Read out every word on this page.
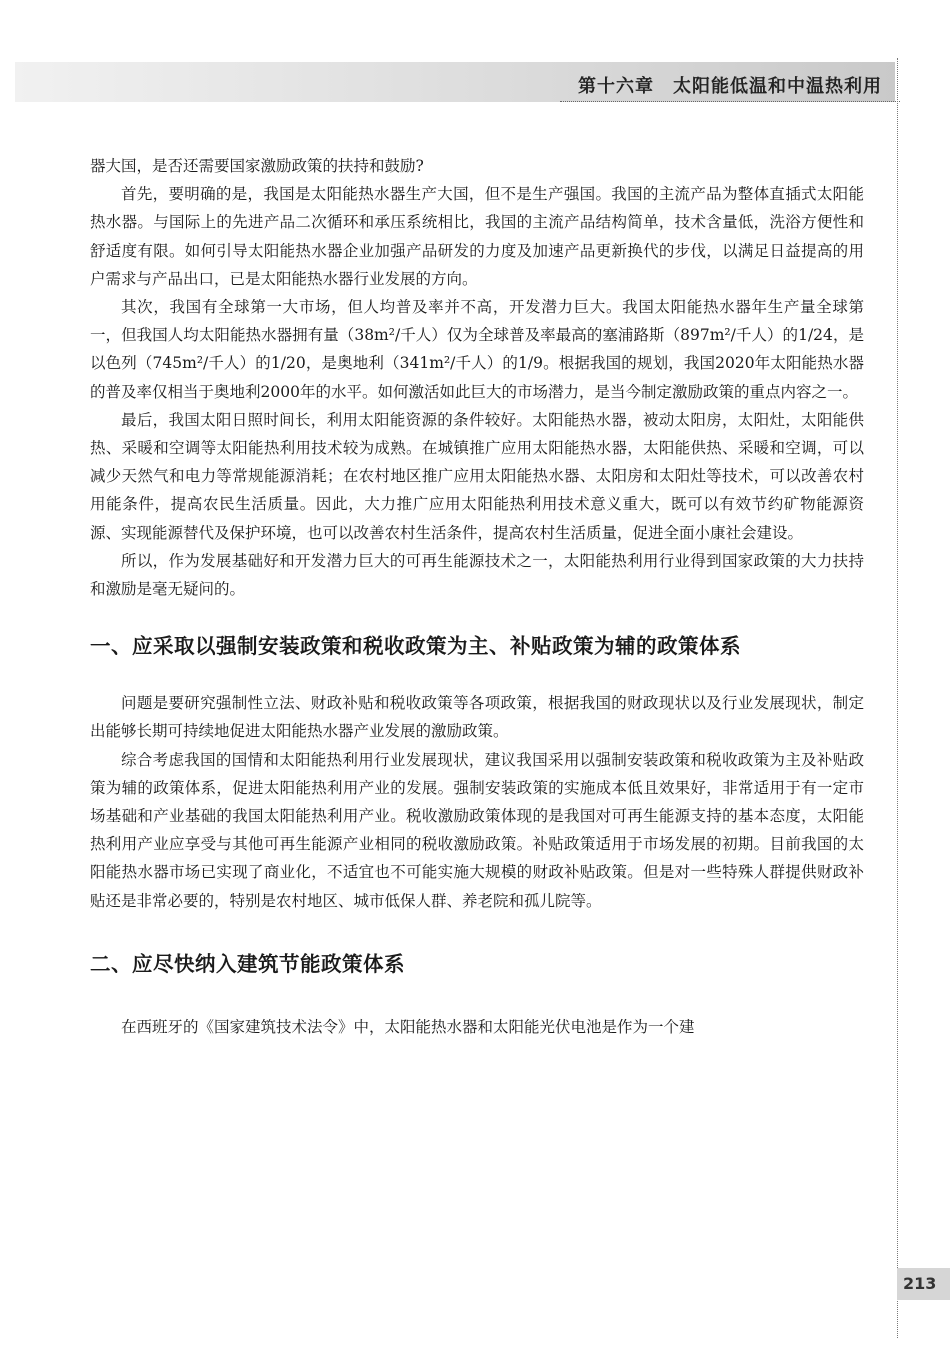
第十六章　太阳能低温和中温热利用
213

器大国，是否还需要国家激励政策的扶持和鼓励?

首先，要明确的是，我国是太阳能热水器生产大国，但不是生产强国。我国的主流产品为整体直插式太阳能热水器。与国际上的先进产品二次循环和承压系统相比，我国的主流产品结构简单，技术含量低，洗浴方便性和舒适度有限。如何引导太阳能热水器企业加强产品研发的力度及加速产品更新换代的步伐，以满足日益提高的用户需求与产品出口，已是太阳能热水器行业发展的方向。

其次，我国有全球第一大市场，但人均普及率并不高，开发潜力巨大。我国太阳能热水器年生产量全球第一，但我国人均太阳能热水器拥有量（38m²/千人）仅为全球普及率最高的塞浦路斯（897m²/千人）的1/24，是以色列（745m²/千人）的1/20，是奥地利（341m²/千人）的1/9。根据我国的规划，我国2020年太阳能热水器的普及率仅相当于奥地利2000年的水平。如何激活如此巨大的市场潜力，是当今制定激励政策的重点内容之一。

最后，我国太阳日照时间长，利用太阳能资源的条件较好。太阳能热水器，被动太阳房，太阳灶，太阳能供热、采暖和空调等太阳能热利用技术较为成熟。在城镇推广应用太阳能热水器，太阳能供热、采暖和空调，可以减少天然气和电力等常规能源消耗；在农村地区推广应用太阳能热水器、太阳房和太阳灶等技术，可以改善农村用能条件，提高农民生活质量。因此，大力推广应用太阳能热利用技术意义重大，既可以有效节约矿物能源资源、实现能源替代及保护环境，也可以改善农村生活条件，提高农村生活质量，促进全面小康社会建设。

所以，作为发展基础好和开发潜力巨大的可再生能源技术之一，太阳能热利用行业得到国家政策的大力扶持和激励是毫无疑问的。

一、应采取以强制安装政策和税收政策为主、补贴政策为辅的政策体系

问题是要研究强制性立法、财政补贴和税收政策等各项政策，根据我国的财政现状以及行业发展现状，制定出能够长期可持续地促进太阳能热水器产业发展的激励政策。

综合考虑我国的国情和太阳能热利用行业发展现状，建议我国采用以强制安装政策和税收政策为主及补贴政策为辅的政策体系，促进太阳能热利用产业的发展。强制安装政策的实施成本低且效果好，非常适用于有一定市场基础和产业基础的我国太阳能热利用产业。税收激励政策体现的是我国对可再生能源支持的基本态度，太阳能热利用产业应享受与其他可再生能源产业相同的税收激励政策。补贴政策适用于市场发展的初期。目前我国的太阳能热水器市场已实现了商业化，不适宜也不可能实施大规模的财政补贴政策。但是对一些特殊人群提供财政补贴还是非常必要的，特别是农村地区、城市低保人群、养老院和孤儿院等。

二、应尽快纳入建筑节能政策体系

在西班牙的《国家建筑技术法令》中，太阳能热水器和太阳能光伏电池是作为一个建
